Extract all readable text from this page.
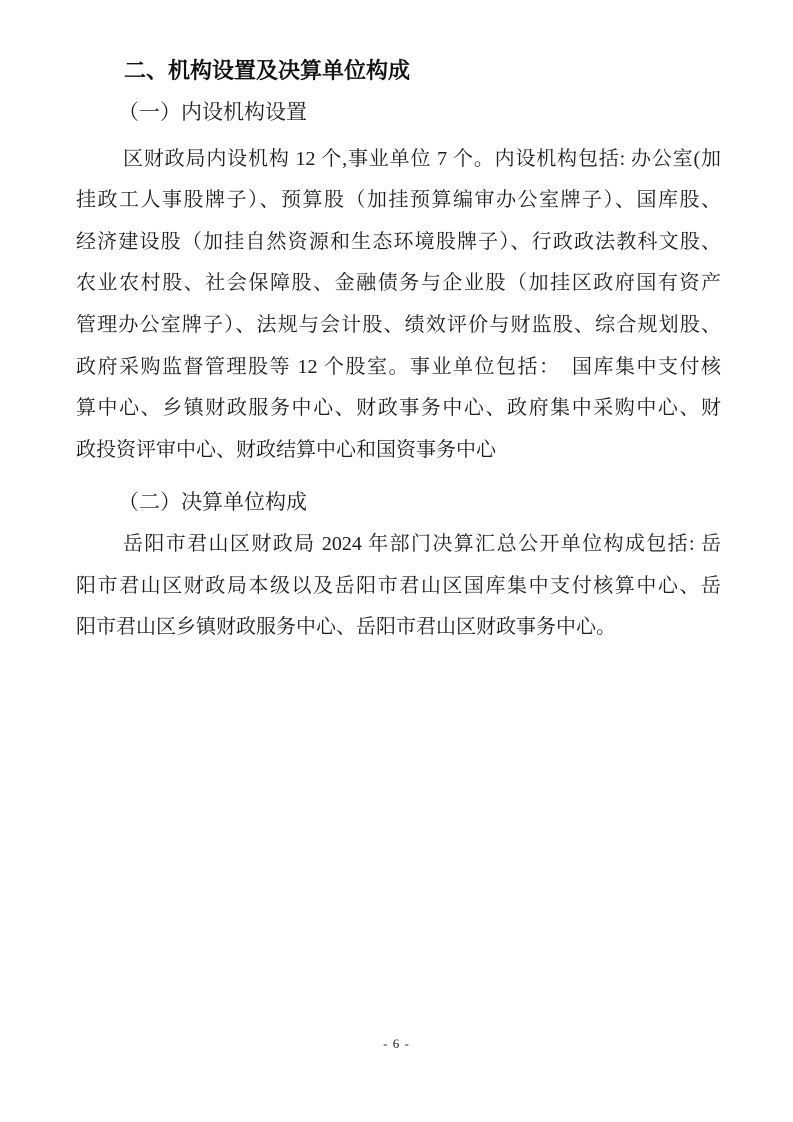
二、机构设置及决算单位构成
（一）内设机构设置
区财政局内设机构 12 个,事业单位 7 个。内设机构包括: 办公室(加
挂政工人事股牌子）、预算股（加挂预算编审办公室牌子）、国库股、
经济建设股（加挂自然资源和生态环境股牌子）、行政政法教科文股、
农业农村股、社会保障股、金融债务与企业股（加挂区政府国有资产
管理办公室牌子）、法规与会计股、绩效评价与财监股、综合规划股、
政府采购监督管理股等 12 个股室。事业单位包括：　国库集中支付核
算中心、乡镇财政服务中心、财政事务中心、政府集中采购中心、财
政投资评审中心、财政结算中心和国资事务中心
（二）决算单位构成
岳阳市君山区财政局 2024 年部门决算汇总公开单位构成包括: 岳
阳市君山区财政局本级以及岳阳市君山区国库集中支付核算中心、岳
阳市君山区乡镇财政服务中心、岳阳市君山区财政事务中心。
- 6 -
